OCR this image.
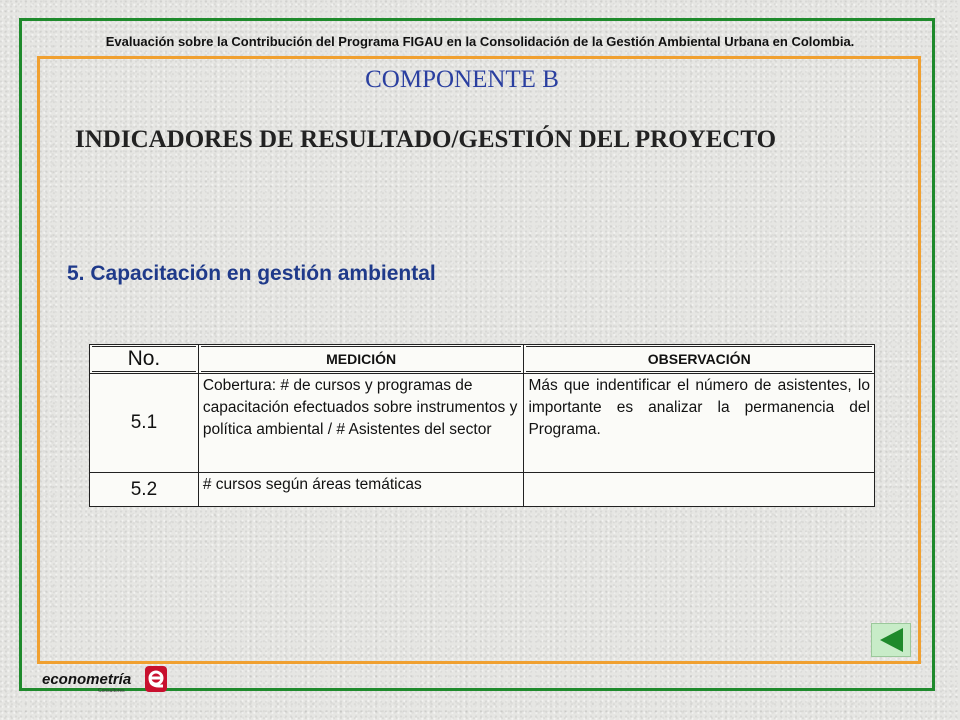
Evaluación sobre la Contribución del Programa FIGAU en la Consolidación de la Gestión Ambiental Urbana en Colombia.
COMPONENTE B
INDICADORES DE RESULTADO/GESTIÓN DEL PROYECTO
5. Capacitación en gestión ambiental
No.	MEDICIÓN	OBSERVACIÓN

5.1	Cobertura: # de cursos y programas de capacitación efectuados sobre instrumentos y política ambiental / # Asistentes del sector	Más que indentificar el número de asistentes, lo importante es analizar la permanencia del Programa.
5.2	# cursos según áreas temáticas	
econometría
Consultores
